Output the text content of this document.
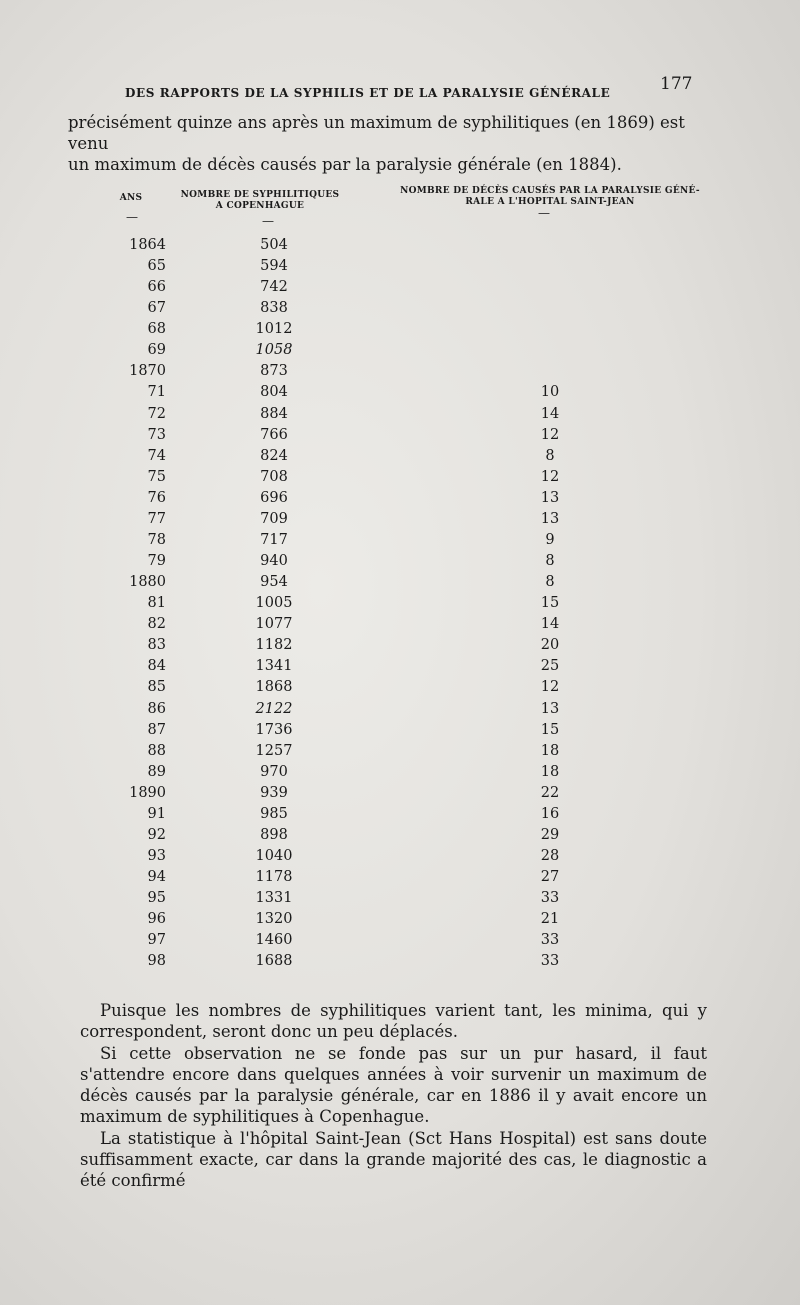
DES RAPPORTS DE LA SYPHILIS ET DE LA PARALYSIE GÉNÉRALE	177

précisément quinze ans après un maximum de syphilitiques (en 1869) est venu

un maximum de décès causés par la paralysie générale (en 1884).

ANS	NOMBRE DE SYPHILITIQUES
A COPENHAGUE
NOMBRE DE DÉCÈS CAUSÉS PAR LA PARALYSIE GÉNÉ-
RALE A L'HOPITAL SAINT-JEAN
—	—
—
1864	504
65	594
66	742
67	838
68	1012
69	1058
1870	873
71	804	10
72	884	14
73	766	12
74	824	8
75	708	12
76	696	13
77	709	13
78	717	9
79	940	8
1880	954	8
81	1005	15
82	1077	14
83	1182	20
84	1341	25
85	1868	12
86	2122	13
87	1736	15
88	1257	18
89	970	18
1890	939	22
91	985	16
92	898	29
93	1040	28
94	1178	27
95	1331	33
96	1320	21
97	1460	33
98	1688	33

Puisque les nombres de syphilitiques varient tant, les minima, qui y correspondent, seront donc un peu déplacés.

Si cette observation ne se fonde pas sur un pur hasard, il faut s'attendre encore dans quelques années à voir survenir un maximum de décès causés par la paralysie générale, car en 1886 il y avait encore un maximum de syphilitiques à Copenhague.

La statistique à l'hôpital Saint-Jean (Sct Hans Hospital) est sans doute suffisamment exacte, car dans la grande majorité des cas, le diagnostic a été confirmé
